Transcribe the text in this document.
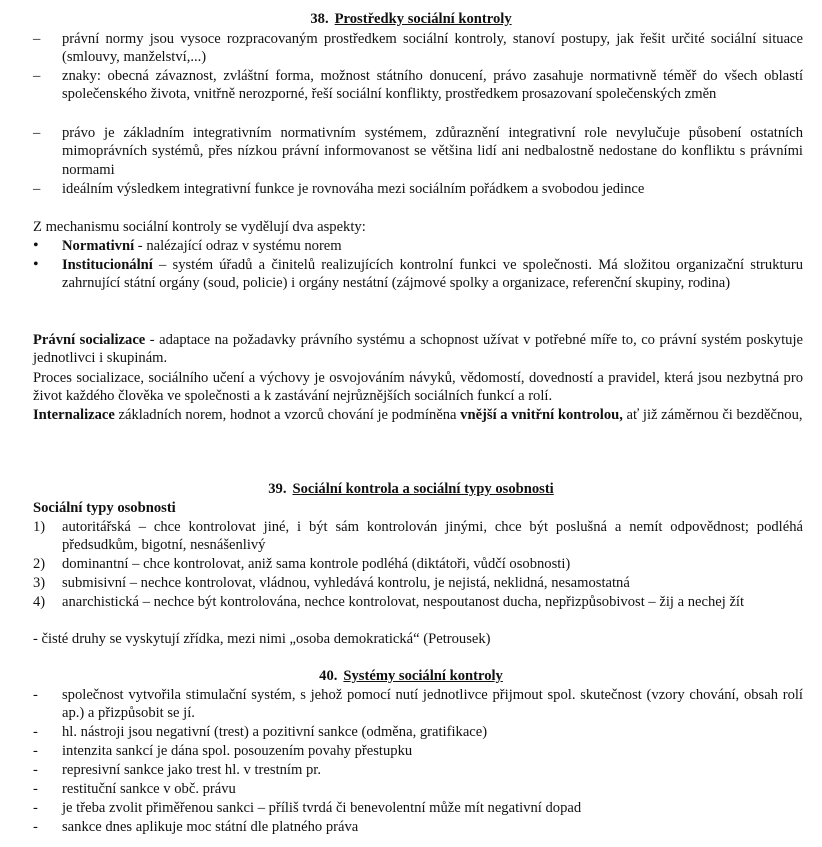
38. Prostředky sociální kontroly
–	právní normy jsou vysoce rozpracovaným prostředkem sociální kontroly, stanoví postupy, jak řešit určité sociální situace (smlouvy, manželství,...)
–	znaky: obecná závaznost, zvláštní forma, možnost státního donucení, právo zasahuje normativně téměř do všech oblastí společenského života, vnitřně nerozporné, řeší sociální konflikty, prostředkem prosazovaní společenských změn
–	právo je základním integrativním normativním systémem, zdůraznění integrativní role nevylučuje působení ostatních mimoprávních systémů, přes nízkou právní informovanost se většina lidí ani nedbalostně nedostane do konfliktu s právními normami
–	ideálním výsledkem integrativní funkce je rovnováha mezi sociálním pořádkem a svobodou jedince
Z mechanismu sociální kontroly se vydělují dva aspekty:
•	Normativní - nalézající odraz v systému norem
•	Institucionální – systém úřadů a činitelů realizujících kontrolní funkci ve společnosti. Má složitou organizační strukturu zahrnující státní orgány (soud, policie) i orgány nestátní (zájmové spolky a organizace, referenční skupiny, rodina)
Právní socializace - adaptace na požadavky právního systému a schopnost užívat v potřebné míře to, co právní systém poskytuje jednotlivci i skupinám.
Proces socializace, sociálního učení a výchovy je osvojováním návyků, vědomostí, dovedností a pravidel, která jsou nezbytná pro život každého člověka ve společnosti a k zastávání nejrůznějších sociálních funkcí a rolí.
Internalizace základních norem, hodnot a vzorců chování je podmíněna vnější a vnitřní kontrolou, ať již záměrnou či bezděčnou,
39. Sociální kontrola a sociální typy osobnosti
Sociální typy osobnosti
1)	autoritářská – chce kontrolovat jiné, i být sám kontrolován jinými, chce být poslušná a nemít odpovědnost; podléhá předsudkům, bigotní, nesnášenlivý
2)	dominantní – chce kontrolovat, aniž sama kontrole podléhá (diktátoři, vůdčí osobnosti)
3)	submisivní – nechce kontrolovat, vládnou, vyhledává kontrolu, je nejistá, neklidná, nesamostatná
4)	anarchistická – nechce být kontrolována, nechce kontrolovat, nespoutanost ducha, nepřizpůsobivost – žij a nechej žít
- čisté druhy se vyskytují zřídka, mezi nimi „osoba demokratická“ (Petrousek)
40. Systémy sociální kontroly
-	společnost vytvořila stimulační systém, s jehož pomocí nutí jednotlivce přijmout spol. skutečnost (vzory chování, obsah rolí ap.) a přizpůsobit se jí.
-	hl. nástroji jsou negativní (trest) a pozitivní sankce (odměna, gratifikace)
-	intenzita sankcí je dána spol. posouzením povahy přestupku
-	represivní sankce jako trest hl. v trestním pr.
-	restituční sankce v obč. právu
-	je třeba zvolit přiměřenou sankci – příliš tvrdá či benevolentní může mít negativní dopad
-	sankce dnes aplikuje moc státní dle platného práva
